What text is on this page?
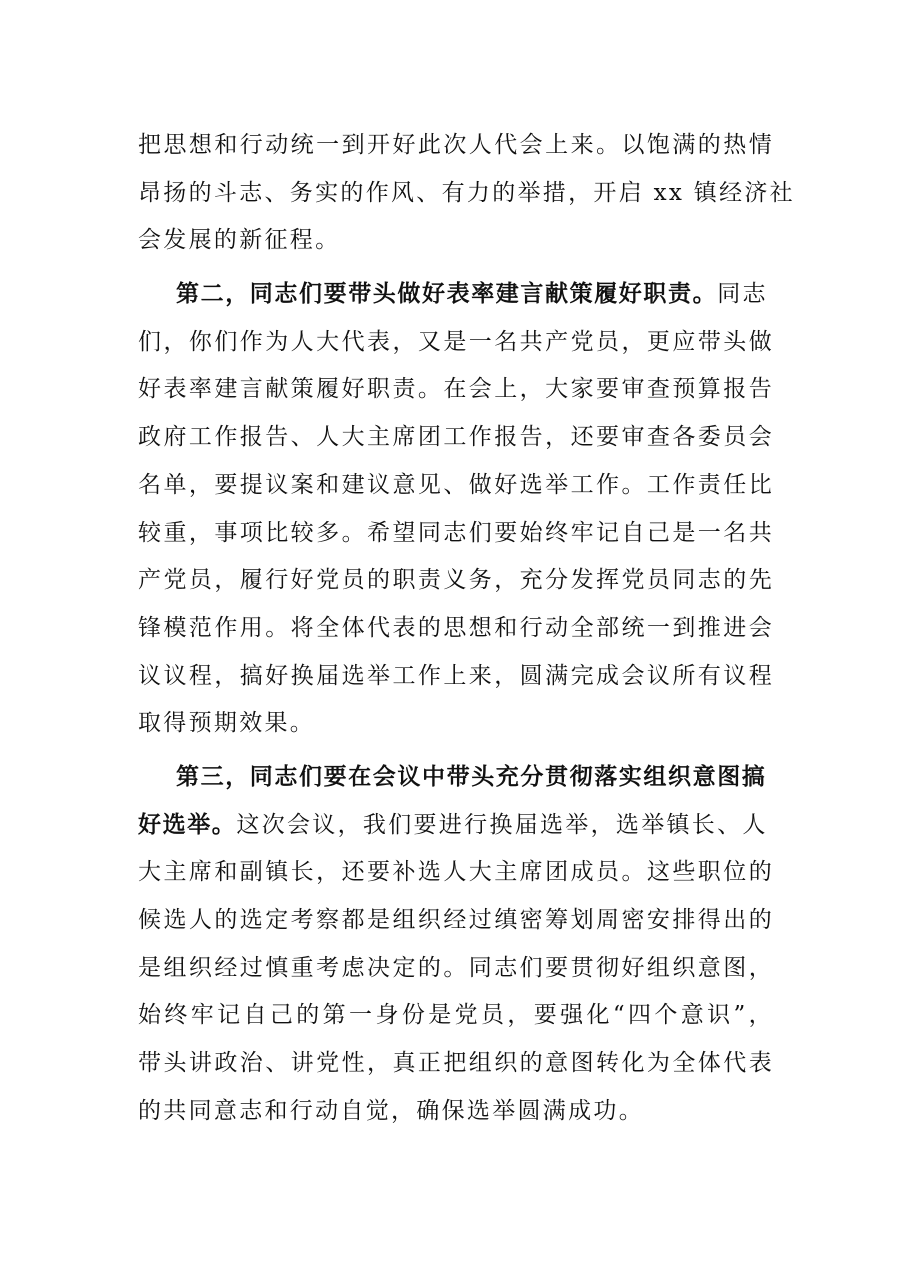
把思想和行动统一到开好此次人代会上来。以饱满的热情
昂扬的斗志、务实的作风、有力的举措，开启 xx 镇经济社
会发展的新征程。
第二，同志们要带头做好表率建言献策履好职责。同志
们，你们作为人大代表，又是一名共产党员，更应带头做
好表率建言献策履好职责。在会上，大家要审查预算报告
政府工作报告、人大主席团工作报告，还要审查各委员会
名单，要提议案和建议意见、做好选举工作。工作责任比
较重，事项比较多。希望同志们要始终牢记自己是一名共
产党员，履行好党员的职责义务，充分发挥党员同志的先
锋模范作用。将全体代表的思想和行动全部统一到推进会
议议程，搞好换届选举工作上来，圆满完成会议所有议程
取得预期效果。
第三，同志们要在会议中带头充分贯彻落实组织意图搞
好选举。这次会议，我们要进行换届选举，选举镇长、人
大主席和副镇长，还要补选人大主席团成员。这些职位的
候选人的选定考察都是组织经过缜密筹划周密安排得出的
是组织经过慎重考虑决定的。同志们要贯彻好组织意图，
始终牢记自己的第一身份是党员，要强化“四个意识”，
带头讲政治、讲党性，真正把组织的意图转化为全体代表
的共同意志和行动自觉，确保选举圆满成功。
